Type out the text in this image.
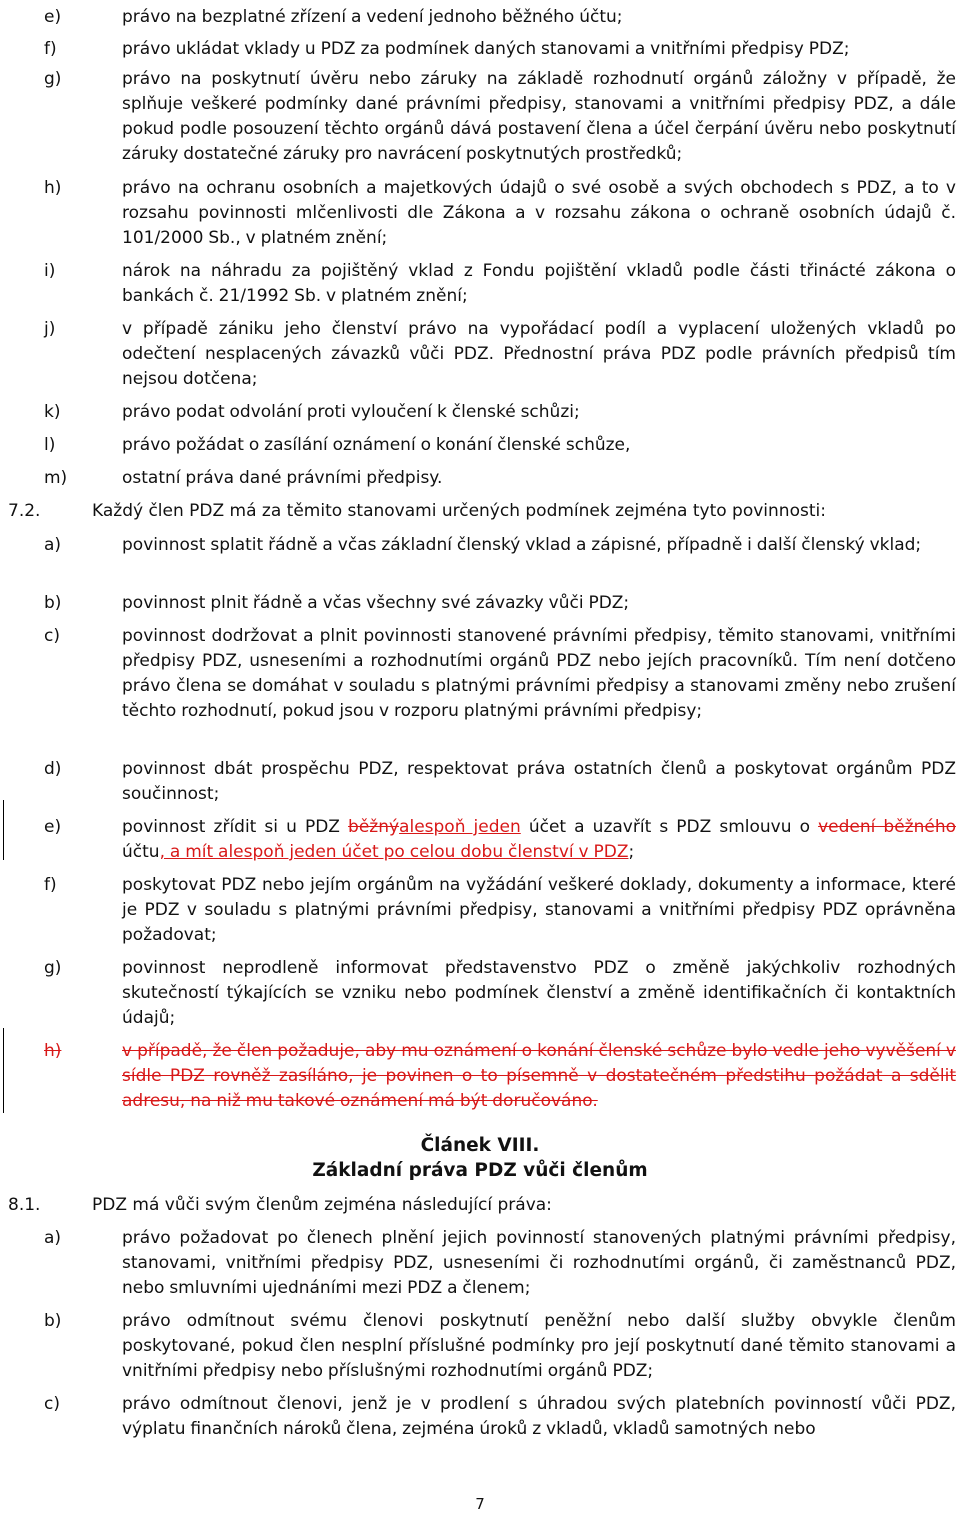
e)	právo na bezplatné zřízení a vedení jednoho běžného účtu;
f)	právo ukládat vklady u PDZ za podmínek daných stanovami a vnitřními předpisy PDZ;
g)	právo na poskytnutí úvěru nebo záruky na základě rozhodnutí orgánů záložny v případě, že splňuje veškeré podmínky dané právními předpisy, stanovami a vnitřními předpisy PDZ, a dále pokud podle posouzení těchto orgánů dává postavení člena a účel čerpání úvěru nebo poskytnutí záruky dostatečné záruky pro navrácení poskytnutých prostředků;
h)	právo na ochranu osobních a majetkových údajů o své osobě a svých obchodech s PDZ, a to v rozsahu povinnosti mlčenlivosti dle Zákona a v rozsahu zákona o ochraně osobních údajů č. 101/2000 Sb., v platném znění;
i)	nárok na náhradu za pojištěný vklad z Fondu pojištění vkladů podle části třinácté zákona o bankách č. 21/1992 Sb. v platném znění;
j)	v případě zániku jeho členství právo na vypořádací podíl a vyplacení uložených vkladů po odečtení nesplacených závazků vůči PDZ. Přednostní práva PDZ podle právních předpisů tím nejsou dotčena;
k)	právo podat odvolání proti vyloučení k členské schůzi;
l)	právo požádat o zasílání oznámení o konání členské schůze,
m)	ostatní práva dané právními předpisy.
7.2.	Každý člen PDZ má za těmito stanovami určených podmínek zejména tyto povinnosti:
a)	povinnost splatit řádně a včas základní členský vklad a zápisné, případně i další členský vklad;
b)	povinnost plnit řádně a včas všechny své závazky vůči PDZ;
c)	povinnost dodržovat a plnit povinnosti stanovené právními předpisy, těmito stanovami, vnitřními předpisy PDZ, usneseními a rozhodnutími orgánů PDZ nebo jejích pracovníků. Tím není dotčeno právo člena se domáhat v souladu s platnými právními předpisy a stanovami změny nebo zrušení těchto rozhodnutí, pokud jsou v rozporu platnými právními předpisy;
d)	povinnost dbát prospěchu PDZ, respektovat práva ostatních členů a poskytovat orgánům PDZ součinnost;
e)	povinnost zřídit si u PDZ běžnýalespoň jeden účet a uzavřít s PDZ smlouvu o vedení běžného účtu, a mít alespoň jeden účet po celou dobu členství v PDZ;
f)	poskytovat PDZ nebo jejím orgánům na vyžádání veškeré doklady, dokumenty a informace, které je PDZ v souladu s platnými právními předpisy, stanovami a vnitřními předpisy PDZ oprávněna požadovat;
g)	povinnost neprodleně informovat představenstvo PDZ o změně jakýchkoliv rozhodných skutečností týkajících se vzniku nebo podmínek členství a změně identifikačních či kontaktních údajů;
h)	v případě, že člen požaduje, aby mu oznámení o konání členské schůze bylo vedle jeho vyvěšení v sídle PDZ rovněž zasíláno, je povinen o to písemně v dostatečném předstihu požádat a sdělit adresu, na niž mu takové oznámení má být doručováno.
Článek VIII.
Základní práva PDZ vůči členům
8.1.	PDZ má vůči svým členům zejména následující práva:
a)	právo požadovat po členech plnění jejich povinností stanovených platnými právními předpisy, stanovami, vnitřními předpisy PDZ, usneseními či rozhodnutími orgánů, či zaměstnanců PDZ, nebo smluvními ujednáními mezi PDZ a členem;
b)	právo odmítnout svému členovi poskytnutí peněžní nebo další služby obvykle členům poskytované, pokud člen nesplní příslušné podmínky pro její poskytnutí dané těmito stanovami a vnitřními předpisy nebo příslušnými rozhodnutími orgánů PDZ;
c)	právo odmítnout členovi, jenž je v prodlení s úhradou svých platebních povinností vůči PDZ, výplatu finančních nároků člena, zejména úroků z vkladů, vkladů samotných nebo
7
